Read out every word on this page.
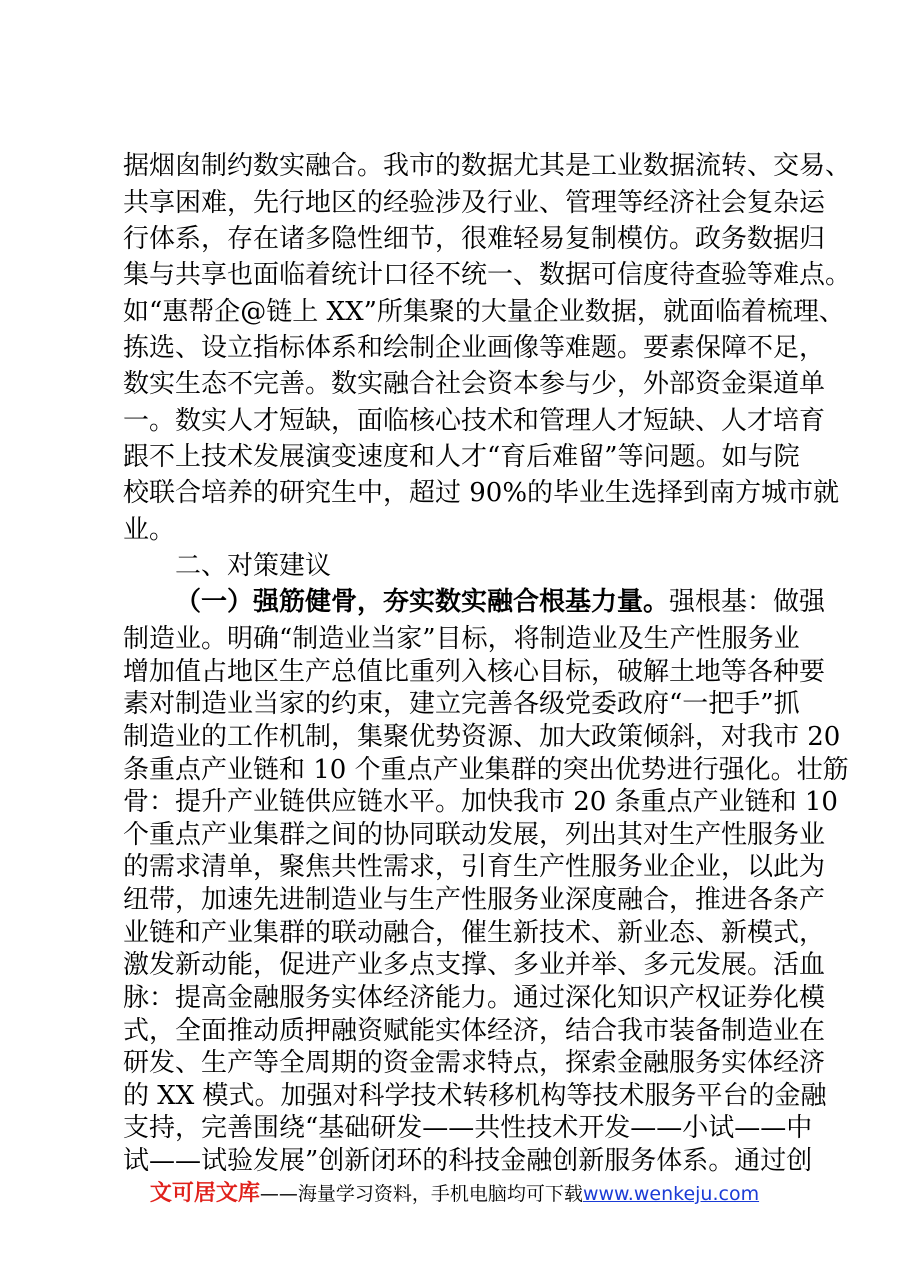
据烟囱制约数实融合。我市的数据尤其是工业数据流转、交易、
共享困难，先行地区的经验涉及行业、管理等经济社会复杂运
行体系，存在诸多隐性细节，很难轻易复制模仿。政务数据归
集与共享也面临着统计口径不统一、数据可信度待查验等难点。
如“惠帮企@链上 XX”所集聚的大量企业数据，就面临着梳理、
拣选、设立指标体系和绘制企业画像等难题。要素保障不足，
数实生态不完善。数实融合社会资本参与少，外部资金渠道单
一。数实人才短缺，面临核心技术和管理人才短缺、人才培育
跟不上技术发展演变速度和人才“育后难留”等问题。如与院
校联合培养的研究生中，超过 90%的毕业生选择到南方城市就
业。
二、对策建议
（一）强筋健骨，夯实数实融合根基力量。强根基：做强
制造业。明确“制造业当家”目标，将制造业及生产性服务业
增加值占地区生产总值比重列入核心目标，破解土地等各种要
素对制造业当家的约束，建立完善各级党委政府“一把手”抓
制造业的工作机制，集聚优势资源、加大政策倾斜，对我市 20
条重点产业链和 10 个重点产业集群的突出优势进行强化。壮筋
骨：提升产业链供应链水平。加快我市 20 条重点产业链和 10
个重点产业集群之间的协同联动发展，列出其对生产性服务业
的需求清单，聚焦共性需求，引育生产性服务业企业，以此为
纽带，加速先进制造业与生产性服务业深度融合，推进各条产
业链和产业集群的联动融合，催生新技术、新业态、新模式，
激发新动能，促进产业多点支撑、多业并举、多元发展。活血
脉：提高金融服务实体经济能力。通过深化知识产权证券化模
式，全面推动质押融资赋能实体经济，结合我市装备制造业在
研发、生产等全周期的资金需求特点，探索金融服务实体经济
的 XX 模式。加强对科学技术转移机构等技术服务平台的金融
支持，完善围绕“基础研发——共性技术开发——小试——中
试——试验发展”创新闭环的科技金融创新服务体系。通过创
文可居文库——海量学习资料，手机电脑均可下载www.wenkeju.com
